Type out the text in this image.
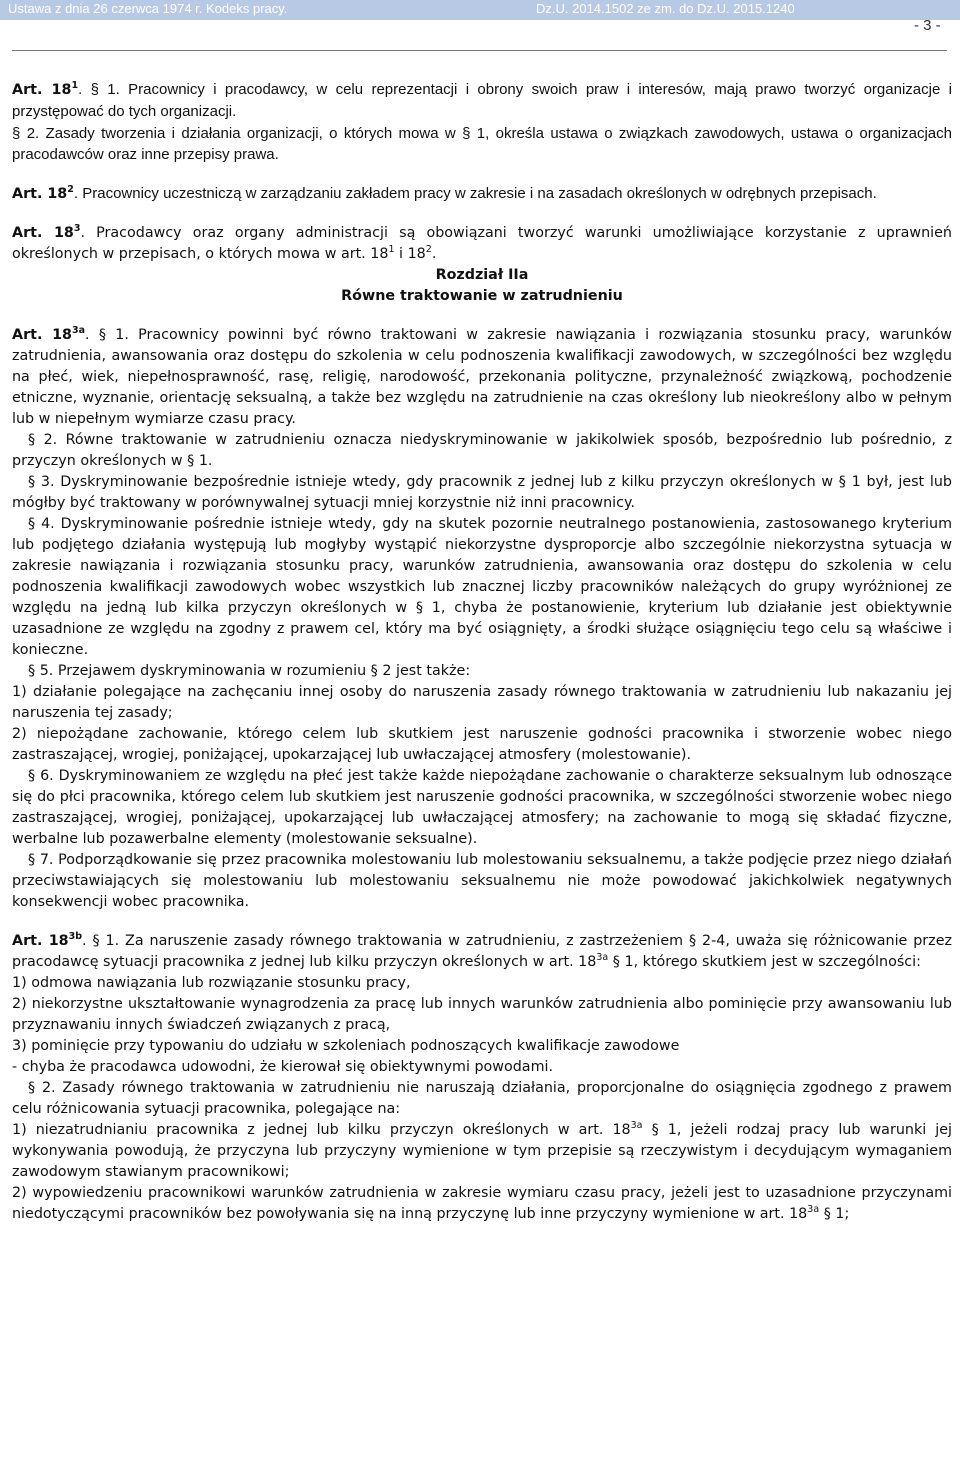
Ustawa z dnia 26 czerwca 1974 r. Kodeks pracy.	Dz.U. 2014.1502 ze zm. do Dz.U. 2015.1240
- 3 -

Art. $18^1$. § 1. Pracownicy i pracodawcy, w celu reprezentacji i obrony swoich praw i interesów, mają prawo tworzyć organizacje i przystępować do tych organizacji.

§ 2. Zasady tworzenia i działania organizacji, o których mowa w § 1, określa ustawa o związkach zawodowych, ustawa o organizacjach pracodawców oraz inne przepisy prawa.

Art. $18^2$. Pracownicy uczestniczą w zarządzaniu zakładem pracy w zakresie i na zasadach określonych w odrębnych przepisach.

Art. $18^3$. Pracodawcy oraz organy administracji są obowiązani tworzyć warunki umożliwiające korzystanie z uprawnień określonych w przepisach, o których mowa w art. $18^1$ i $18^2$.

Rozdział IIa

Równe traktowanie w zatrudnieniu

Art. $18^{3a}$. § 1. Pracownicy powinni być równo traktowani w zakresie nawiązania i rozwiązania stosunku pracy, warunków zatrudnienia, awansowania oraz dostępu do szkolenia w celu podnoszenia kwalifikacji zawodowych, w szczególności bez względu na płeć, wiek, niepełnosprawność, rasę, religię, narodowość, przekonania polityczne, przynależność związkową, pochodzenie etniczne, wyznanie, orientację seksualną, a także bez względu na zatrudnienie na czas określony lub nieokreślony albo w pełnym lub w niepełnym wymiarze czasu pracy.

§ 2. Równe traktowanie w zatrudnieniu oznacza niedyskryminowanie w jakikolwiek sposób, bezpośrednio lub pośrednio, z przyczyn określonych w § 1.

§ 3. Dyskryminowanie bezpośrednie istnieje wtedy, gdy pracownik z jednej lub z kilku przyczyn określonych w § 1 był, jest lub mógłby być traktowany w porównywalnej sytuacji mniej korzystnie niż inni pracownicy.

§ 4. Dyskryminowanie pośrednie istnieje wtedy, gdy na skutek pozornie neutralnego postanowienia, zastosowanego kryterium lub podjętego działania występują lub mogłyby wystąpić niekorzystne dysproporcje albo szczególnie niekorzystna sytuacja w zakresie nawiązania i rozwiązania stosunku pracy, warunków zatrudnienia, awansowania oraz dostępu do szkolenia w celu podnoszenia kwalifikacji zawodowych wobec wszystkich lub znacznej liczby pracowników należących do grupy wyróżnionej ze względu na jedną lub kilka przyczyn określonych w § 1, chyba że postanowienie, kryterium lub działanie jest obiektywnie uzasadnione ze względu na zgodny z prawem cel, który ma być osiągnięty, a środki służące osiągnięciu tego celu są właściwe i konieczne.

§ 5. Przejawem dyskryminowania w rozumieniu § 2 jest także:

1) działanie polegające na zachęcaniu innej osoby do naruszenia zasady równego traktowania w zatrudnieniu lub nakazaniu jej naruszenia tej zasady;

2) niepożądane zachowanie, którego celem lub skutkiem jest naruszenie godności pracownika i stworzenie wobec niego zastraszającej, wrogiej, poniżającej, upokarzającej lub uwłaczającej atmosfery (molestowanie).

§ 6. Dyskryminowaniem ze względu na płeć jest także każde niepożądane zachowanie o charakterze seksualnym lub odnoszące się do płci pracownika, którego celem lub skutkiem jest naruszenie godności pracownika, w szczególności stworzenie wobec niego zastraszającej, wrogiej, poniżającej, upokarzającej lub uwłaczającej atmosfery; na zachowanie to mogą się składać fizyczne, werbalne lub pozawerbalne elementy (molestowanie seksualne).

§ 7. Podporządkowanie się przez pracownika molestowaniu lub molestowaniu seksualnemu, a także podjęcie przez niego działań przeciwstawiających się molestowaniu lub molestowaniu seksualnemu nie może powodować jakichkolwiek negatywnych konsekwencji wobec pracownika.

Art. $18^{3b}$. § 1. Za naruszenie zasady równego traktowania w zatrudnieniu, z zastrzeżeniem § 2-4, uważa się różnicowanie przez pracodawcę sytuacji pracownika z jednej lub kilku przyczyn określonych w art. $18^{3a}$ § 1, którego skutkiem jest w szczególności:

1) odmowa nawiązania lub rozwiązanie stosunku pracy,

2) niekorzystne ukształtowanie wynagrodzenia za pracę lub innych warunków zatrudnienia albo pominięcie przy awansowaniu lub przyznawaniu innych świadczeń związanych z pracą,

3) pominięcie przy typowaniu do udziału w szkoleniach podnoszących kwalifikacje zawodowe

- chyba że pracodawca udowodni, że kierował się obiektywnymi powodami.

§ 2. Zasady równego traktowania w zatrudnieniu nie naruszają działania, proporcjonalne do osiągnięcia zgodnego z prawem celu różnicowania sytuacji pracownika, polegające na:

1) niezatrudnianiu pracownika z jednej lub kilku przyczyn określonych w art. $18^{3a}$ § 1, jeżeli rodzaj pracy lub warunki jej wykonywania powodują, że przyczyna lub przyczyny wymienione w tym przepisie są rzeczywistym i decydującym wymaganiem zawodowym stawianym pracownikowi;

2) wypowiedzeniu pracownikowi warunków zatrudnienia w zakresie wymiaru czasu pracy, jeżeli jest to uzasadnione przyczynami niedotyczącymi pracowników bez powoływania się na inną przyczynę lub inne przyczyny wymienione w art. $18^{3a}$ § 1;
